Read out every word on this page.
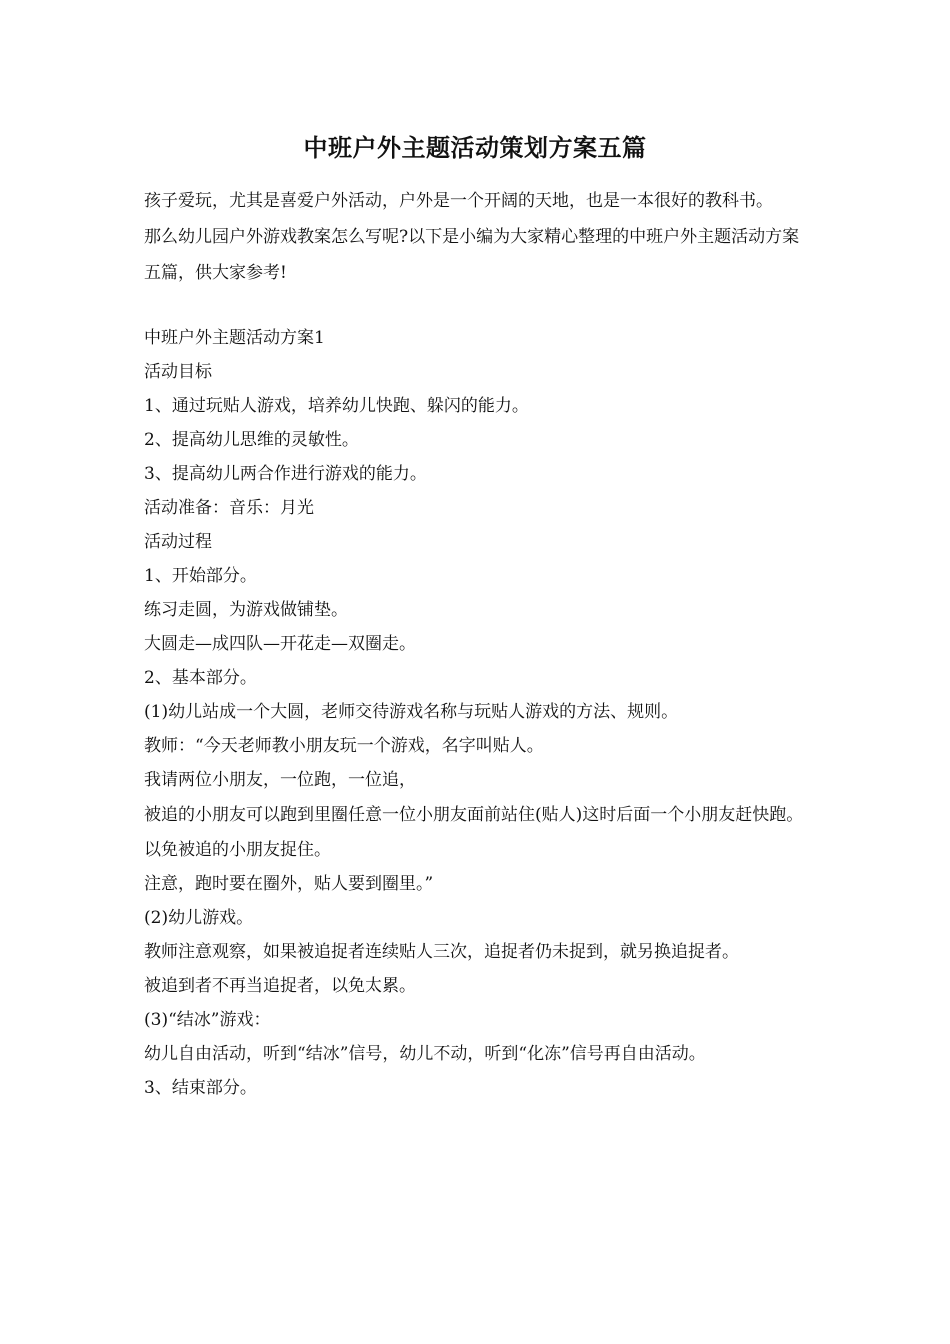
中班户外主题活动策划方案五篇

孩子爱玩，尤其是喜爱户外活动，户外是一个开阔的天地，也是一本很好的教科书。

那么幼儿园户外游戏教案怎么写呢?以下是小编为大家精心整理的中班户外主题活动方案五篇，供大家参考!

中班户外主题活动方案1

活动目标

1、通过玩贴人游戏，培养幼儿快跑、躲闪的能力。

2、提高幼儿思维的灵敏性。

3、提高幼儿两合作进行游戏的能力。

活动准备：音乐：月光

活动过程

1、开始部分。

练习走圆，为游戏做铺垫。

大圆走—成四队—开花走—双圈走。

2、基本部分。

(1)幼儿站成一个大圆，老师交待游戏名称与玩贴人游戏的方法、规则。

教师：“今天老师教小朋友玩一个游戏，名字叫贴人。

我请两位小朋友，一位跑，一位追，

被追的小朋友可以跑到里圈任意一位小朋友面前站住(贴人)这时后面一个小朋友赶快跑。

以免被追的小朋友捉住。

注意，跑时要在圈外，贴人要到圈里。”

(2)幼儿游戏。

教师注意观察，如果被追捉者连续贴人三次，追捉者仍未捉到，就另换追捉者。

被追到者不再当追捉者，以免太累。

(3)“结冰”游戏：

幼儿自由活动，听到“结冰”信号，幼儿不动，听到“化冻”信号再自由活动。

3、结束部分。
